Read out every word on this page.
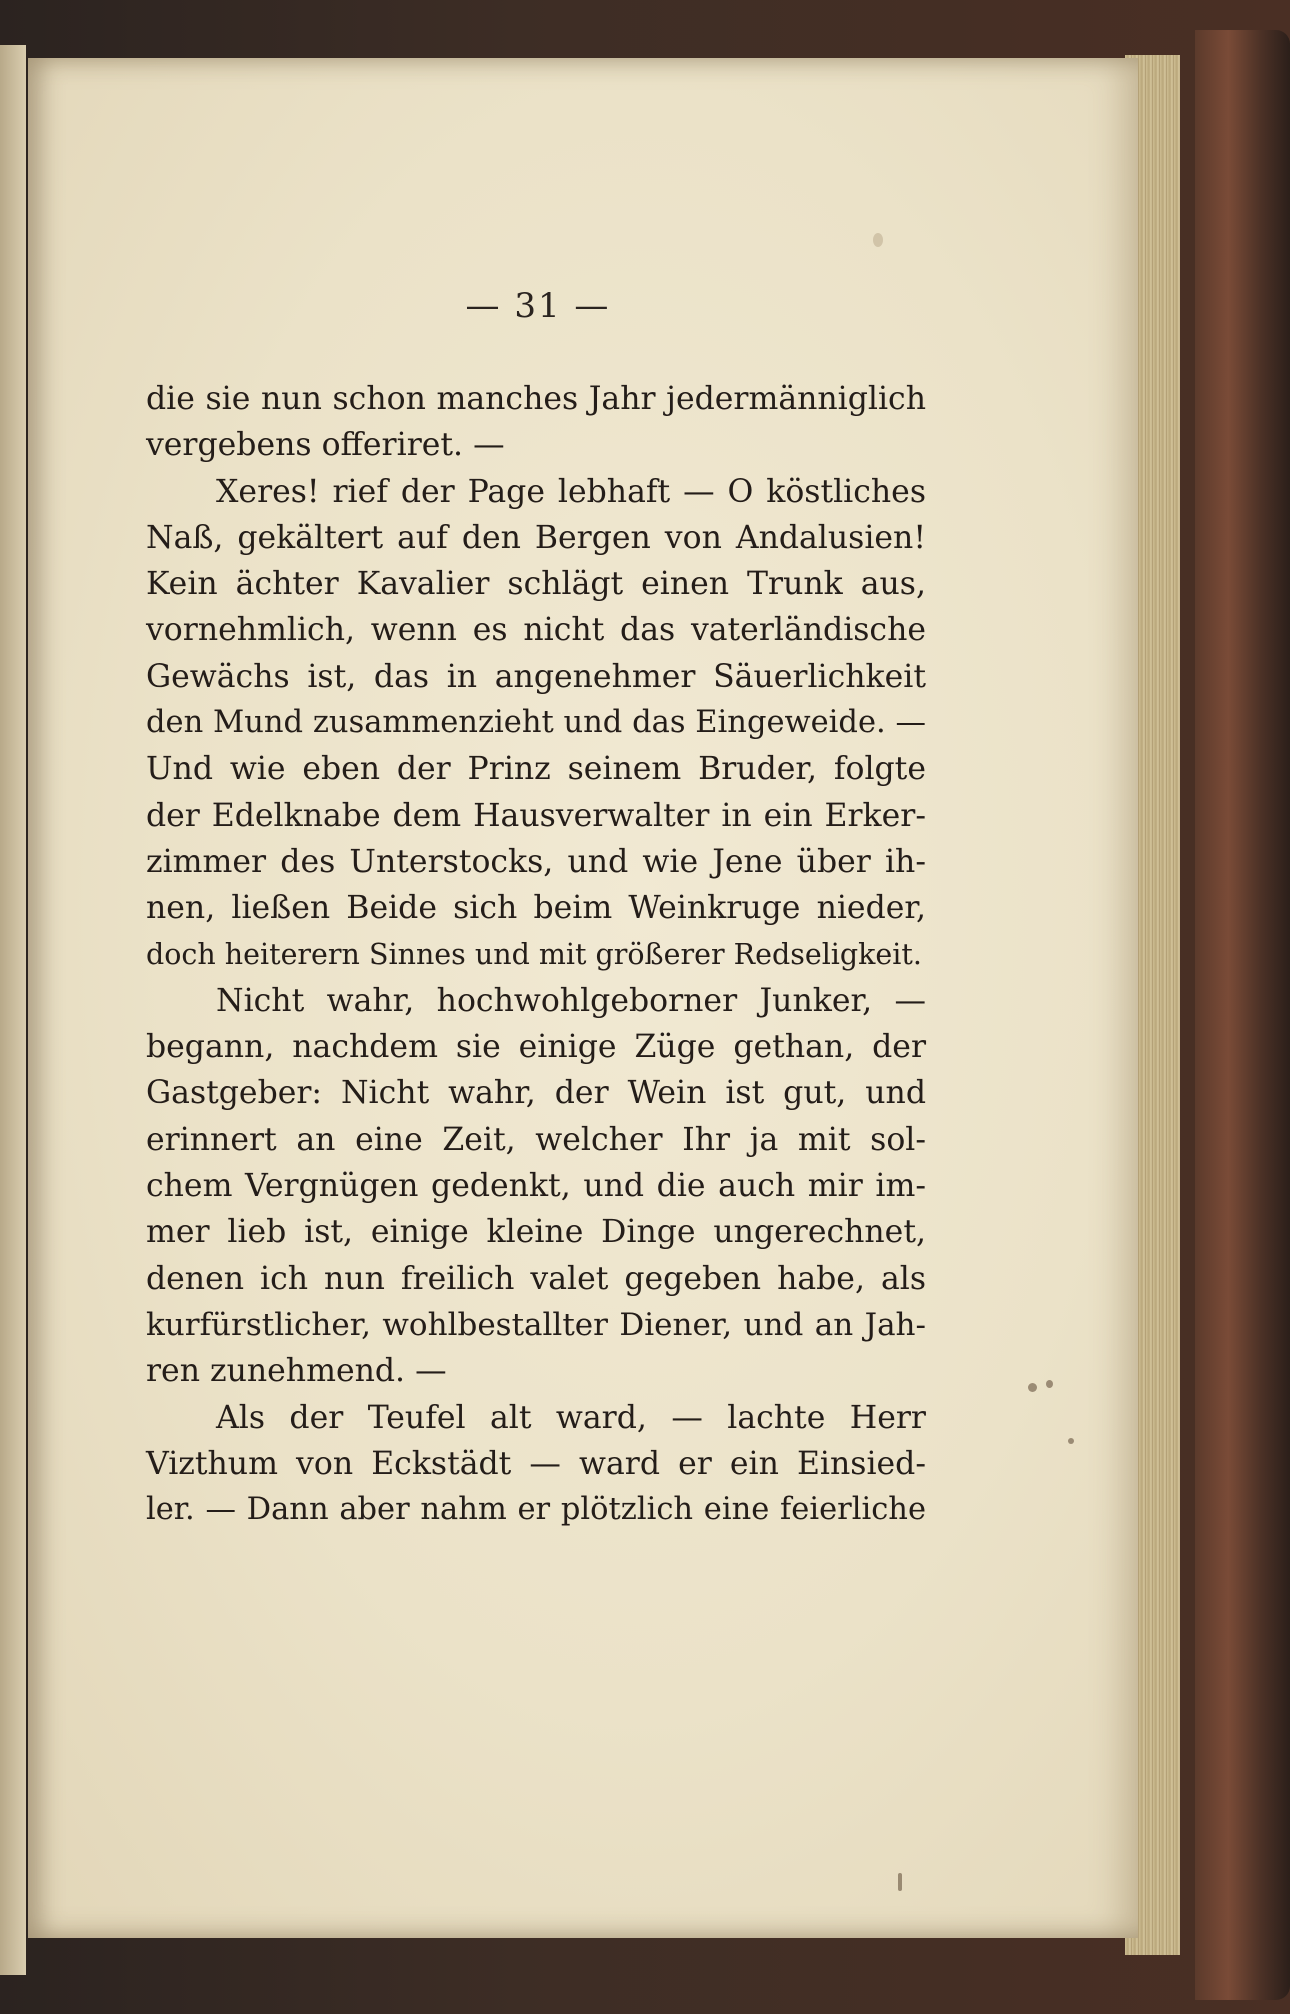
— 31 —
die sie nun schon manches Jahr jedermänniglich
vergebens offeriret. —
Xeres! rief der Page lebhaft — O köstliches
Naß, gekältert auf den Bergen von Andalusien!
Kein ächter Kavalier schlägt einen Trunk aus,
vornehmlich, wenn es nicht das vaterländische
Gewächs ist, das in angenehmer Säuerlichkeit
den Mund zusammenzieht und das Eingeweide. —
Und wie eben der Prinz seinem Bruder, folgte
der Edelknabe dem Hausverwalter in ein Erker-
zimmer des Unterstocks, und wie Jene über ih-
nen, ließen Beide sich beim Weinkruge nieder,
doch heiterern Sinnes und mit größerer Redseligkeit.
Nicht wahr, hochwohlgeborner Junker, —
begann, nachdem sie einige Züge gethan, der
Gastgeber: Nicht wahr, der Wein ist gut, und
erinnert an eine Zeit, welcher Ihr ja mit sol-
chem Vergnügen gedenkt, und die auch mir im-
mer lieb ist, einige kleine Dinge ungerechnet,
denen ich nun freilich valet gegeben habe, als
kurfürstlicher, wohlbestallter Diener, und an Jah-
ren zunehmend. —
Als der Teufel alt ward, — lachte Herr
Vizthum von Eckstädt — ward er ein Einsied-
ler. — Dann aber nahm er plötzlich eine feierliche
